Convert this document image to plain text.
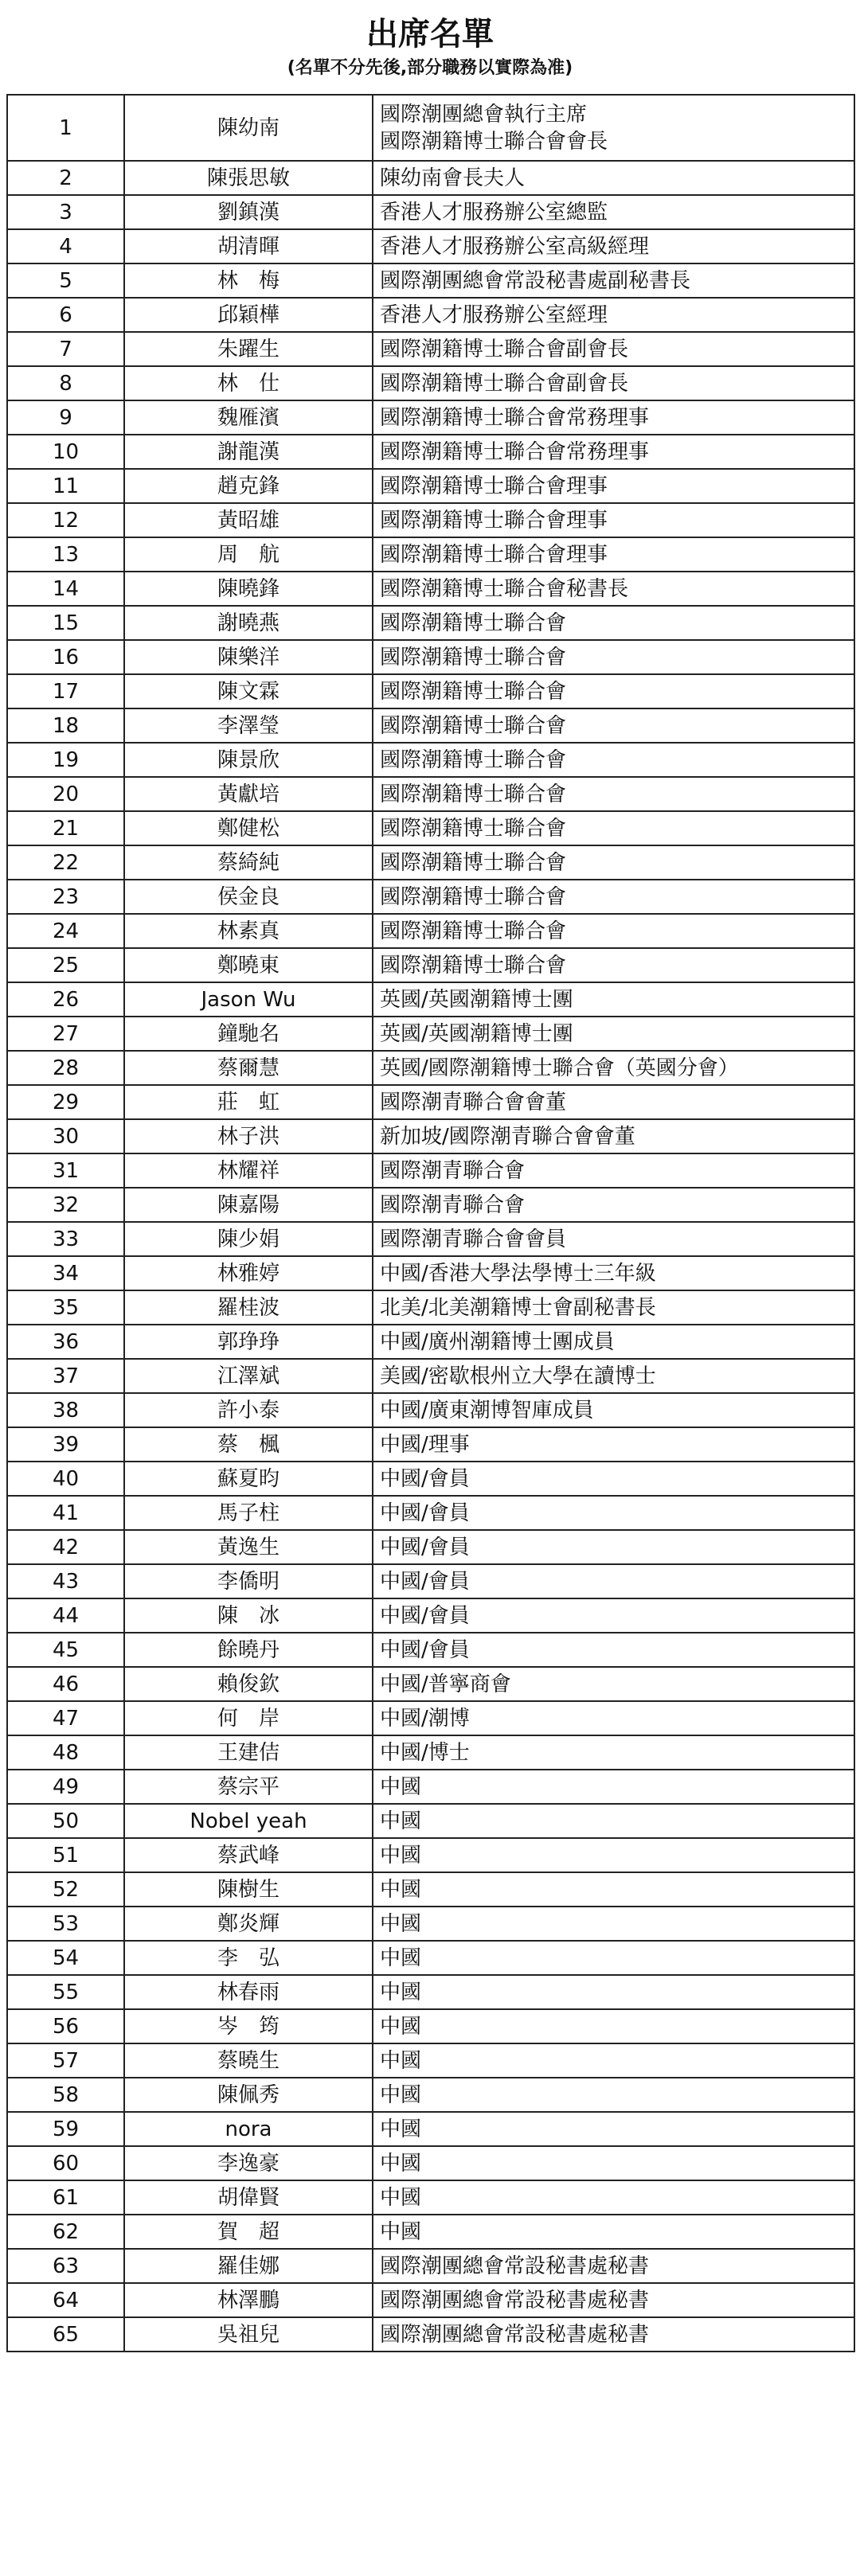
出席名單
(名單不分先後,部分職務以實際為准)
1	陳幼南	國際潮團總會執行主席
國際潮籍博士聯合會會長

2	陳張思敏	陳幼南會長夫人

3	劉鎮漢	香港人才服務辦公室總監

4	胡清暉	香港人才服務辦公室高級經理

5	林　梅	國際潮團總會常設秘書處副秘書長

6	邱穎樺	香港人才服務辦公室經理

7	朱躍生	國際潮籍博士聯合會副會長

8	林　仕	國際潮籍博士聯合會副會長

9	魏雁濱	國際潮籍博士聯合會常務理事

10	謝龍漢	國際潮籍博士聯合會常務理事

11	趙克鋒	國際潮籍博士聯合會理事

12	黃昭雄	國際潮籍博士聯合會理事

13	周　航	國際潮籍博士聯合會理事

14	陳曉鋒	國際潮籍博士聯合會秘書長

15	謝曉燕	國際潮籍博士聯合會

16	陳樂洋	國際潮籍博士聯合會

17	陳文霖	國際潮籍博士聯合會

18	李澤瑩	國際潮籍博士聯合會

19	陳景欣	國際潮籍博士聯合會

20	黃獻培	國際潮籍博士聯合會

21	鄭健松	國際潮籍博士聯合會

22	蔡綺純	國際潮籍博士聯合會

23	侯金良	國際潮籍博士聯合會

24	林素真	國際潮籍博士聯合會

25	鄭曉東	國際潮籍博士聯合會

26	Jason Wu	英國/英國潮籍博士團

27	鐘馳名	英國/英國潮籍博士團

28	蔡爾慧	英國/國際潮籍博士聯合會（英國分會）

29	莊　虹	國際潮青聯合會會董

30	林子洪	新加坡/國際潮青聯合會會董

31	林耀祥	國際潮青聯合會

32	陳嘉陽	國際潮青聯合會

33	陳少娟	國際潮青聯合會會員

34	林雅婷	中國/香港大學法學博士三年級

35	羅桂波	北美/北美潮籍博士會副秘書長

36	郭琤琤	中國/廣州潮籍博士團成員

37	江澤斌	美國/密歇根州立大學在讀博士

38	許小泰	中國/廣東潮博智庫成員

39	蔡　楓	中國/理事

40	蘇夏昀	中國/會員

41	馬子柱	中國/會員

42	黃逸生	中國/會員

43	李僑明	中國/會員

44	陳　冰	中國/會員

45	餘曉丹	中國/會員

46	賴俊欽	中國/普寧商會

47	何　岸	中國/潮博

48	王建佶	中國/博士

49	蔡宗平	中國

50	Nobel yeah	中國

51	蔡武峰	中國

52	陳樹生	中國

53	鄭炎輝	中國

54	李　弘	中國

55	林春雨	中國

56	岑　筠	中國

57	蔡曉生	中國

58	陳佩秀	中國

59	nora	中國

60	李逸豪	中國

61	胡偉賢	中國

62	賀　超	中國

63	羅佳娜	國際潮團總會常設秘書處秘書

64	林澤鵬	國際潮團總會常設秘書處秘書

65	吳祖兒	國際潮團總會常設秘書處秘書
